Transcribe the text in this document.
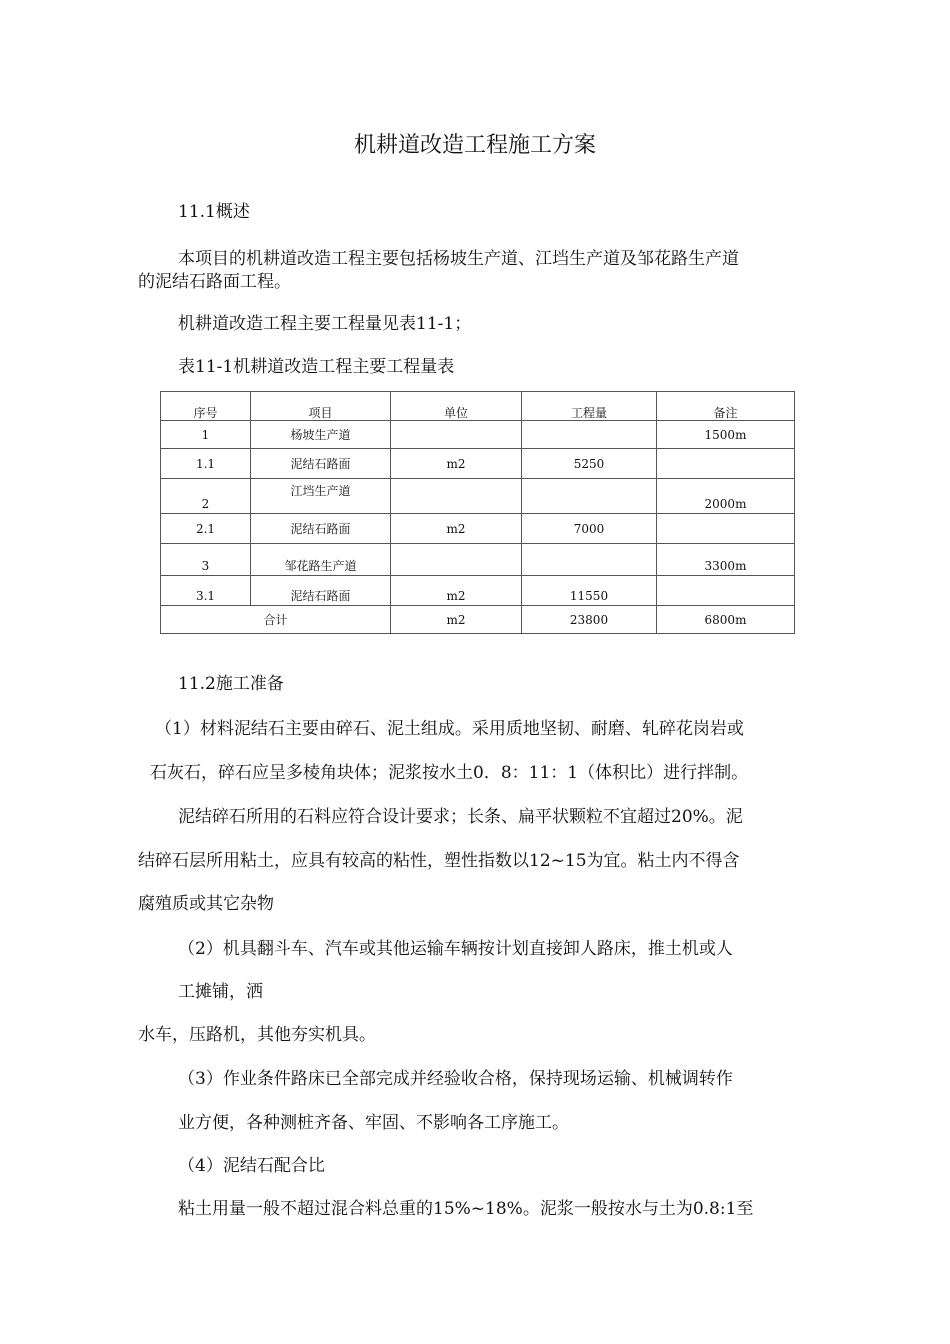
机耕道改造工程施工方案
11.1概述
本项目的机耕道改造工程主要包括杨坡生产道、江垱生产道及邹花路生产道
的泥结石路面工程。
机耕道改造工程主要工程量见表11-1；
表11-1机耕道改造工程主要工程量表
序号	项目	单位	工程量	备注
1	杨坡生产道			1500m
1.1	泥结石路面	m2	5250	
2	江垱生产道			2000m
2.1	泥结石路面	m2	7000	
3	邹花路生产道			3300m
3.1	泥结石路面	m2	11550	
合计		m2	23800	6800m
11.2施工准备
（1）材料泥结石主要由碎石、泥土组成。采用质地坚韧、耐磨、轧碎花岗岩或
石灰石，碎石应呈多棱角块体；泥浆按水土0．8：11：1（体积比）进行拌制。
泥结碎石所用的石料应符合设计要求；长条、扁平状颗粒不宜超过20%。泥
结碎石层所用粘土，应具有较高的粘性，塑性指数以12~15为宜。粘土内不得含
腐殖质或其它杂物
（2）机具翻斗车、汽车或其他运输车辆按计划直接卸人路床，推土机或人
工摊铺，洒
水车，压路机，其他夯实机具。
（3）作业条件路床已全部完成并经验收合格，保持现场运输、机械调转作
业方便，各种测桩齐备、牢固、不影响各工序施工。
（4）泥结石配合比
粘土用量一般不超过混合料总重的15%~18%。泥浆一般按水与土为0.8:1至
